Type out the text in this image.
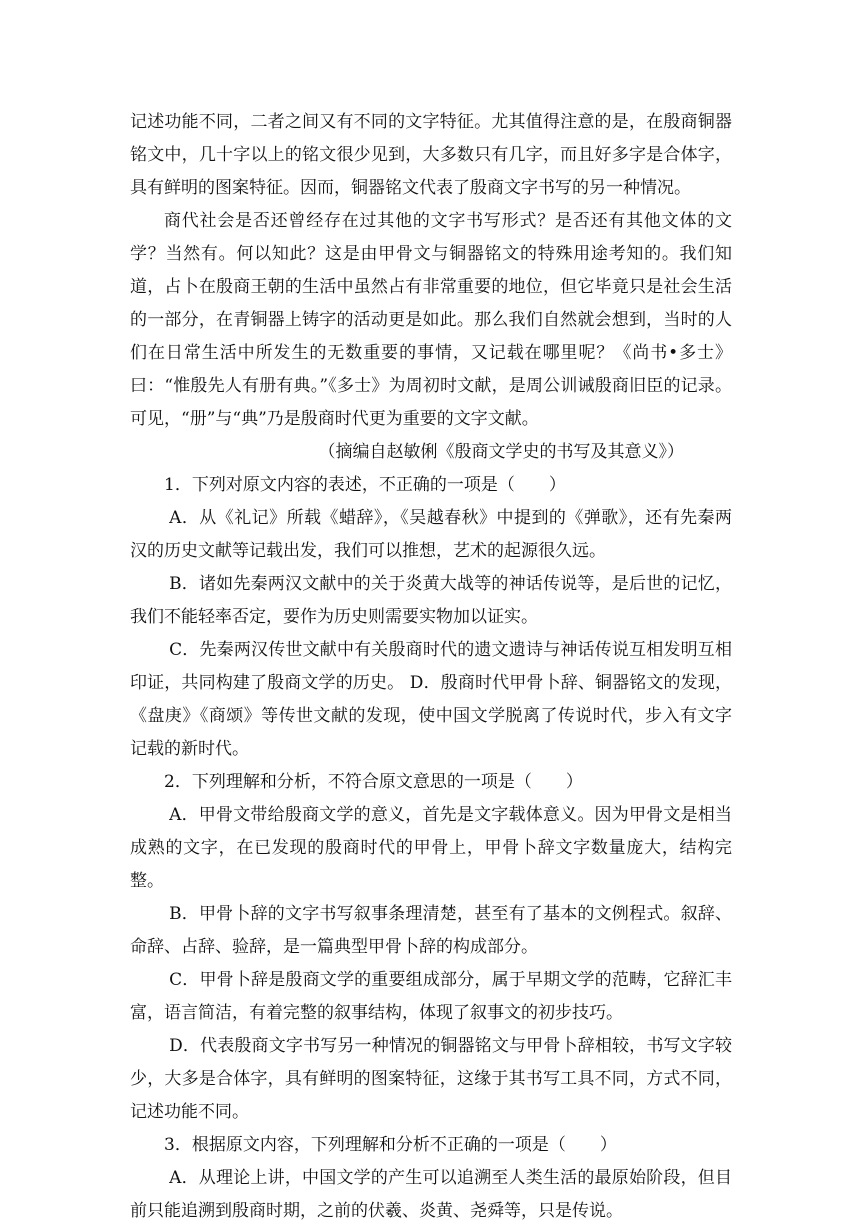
记述功能不同，二者之间又有不同的文字特征。尤其值得注意的是，在殷商铜器铭文中，几十字以上的铭文很少见到，大多数只有几字，而且好多字是合体字，具有鲜明的图案特征。因而，铜器铭文代表了殷商文字书写的另一种情况。

商代社会是否还曾经存在过其他的文字书写形式？是否还有其他文体的文学？当然有。何以知此？这是由甲骨文与铜器铭文的特殊用途考知的。我们知道，占卜在殷商王朝的生活中虽然占有非常重要的地位，但它毕竟只是社会生活的一部分，在青铜器上铸字的活动更是如此。那么我们自然就会想到，当时的人们在日常生活中所发生的无数重要的事情，又记载在哪里呢？《尚书•多士》曰：“惟殷先人有册有典。”《多士》为周初时文献，是周公训诫殷商旧臣的记录。可见，“册”与“典”乃是殷商时代更为重要的文字文献。

（摘编自赵敏俐《殷商文学史的书写及其意义》）

1．下列对原文内容的表述，不正确的一项是（　　）

A．从《礼记》所载《蜡辞》，《吴越春秋》中提到的《弹歌》，还有先秦两汉的历史文献等记载出发，我们可以推想，艺术的起源很久远。

B．诸如先秦两汉文献中的关于炎黄大战等的神话传说等，是后世的记忆，我们不能轻率否定，要作为历史则需要实物加以证实。

C．先秦两汉传世文献中有关殷商时代的遗文遗诗与神话传说互相发明互相印证，共同构建了殷商文学的历史。 D．殷商时代甲骨卜辞、铜器铭文的发现，《盘庚》《商颂》等传世文献的发现，使中国文学脱离了传说时代，步入有文字记载的新时代。

2．下列理解和分析，不符合原文意思的一项是（　　）

A．甲骨文带给殷商文学的意义，首先是文字载体意义。因为甲骨文是相当成熟的文字，在已发现的殷商时代的甲骨上，甲骨卜辞文字数量庞大，结构完整。

B．甲骨卜辞的文字书写叙事条理清楚，甚至有了基本的文例程式。叙辞、命辞、占辞、验辞，是一篇典型甲骨卜辞的构成部分。

C．甲骨卜辞是殷商文学的重要组成部分，属于早期文学的范畴，它辞汇丰富，语言简洁，有着完整的叙事结构，体现了叙事文的初步技巧。

D．代表殷商文字书写另一种情况的铜器铭文与甲骨卜辞相较，书写文字较少，大多是合体字，具有鲜明的图案特征，这缘于其书写工具不同，方式不同，记述功能不同。

3．根据原文内容，下列理解和分析不正确的一项是（　　）

A．从理论上讲，中国文学的产生可以追溯至人类生活的最原始阶段，但目前只能追溯到殷商时期，之前的伏羲、炎黄、尧舜等，只是传说。
